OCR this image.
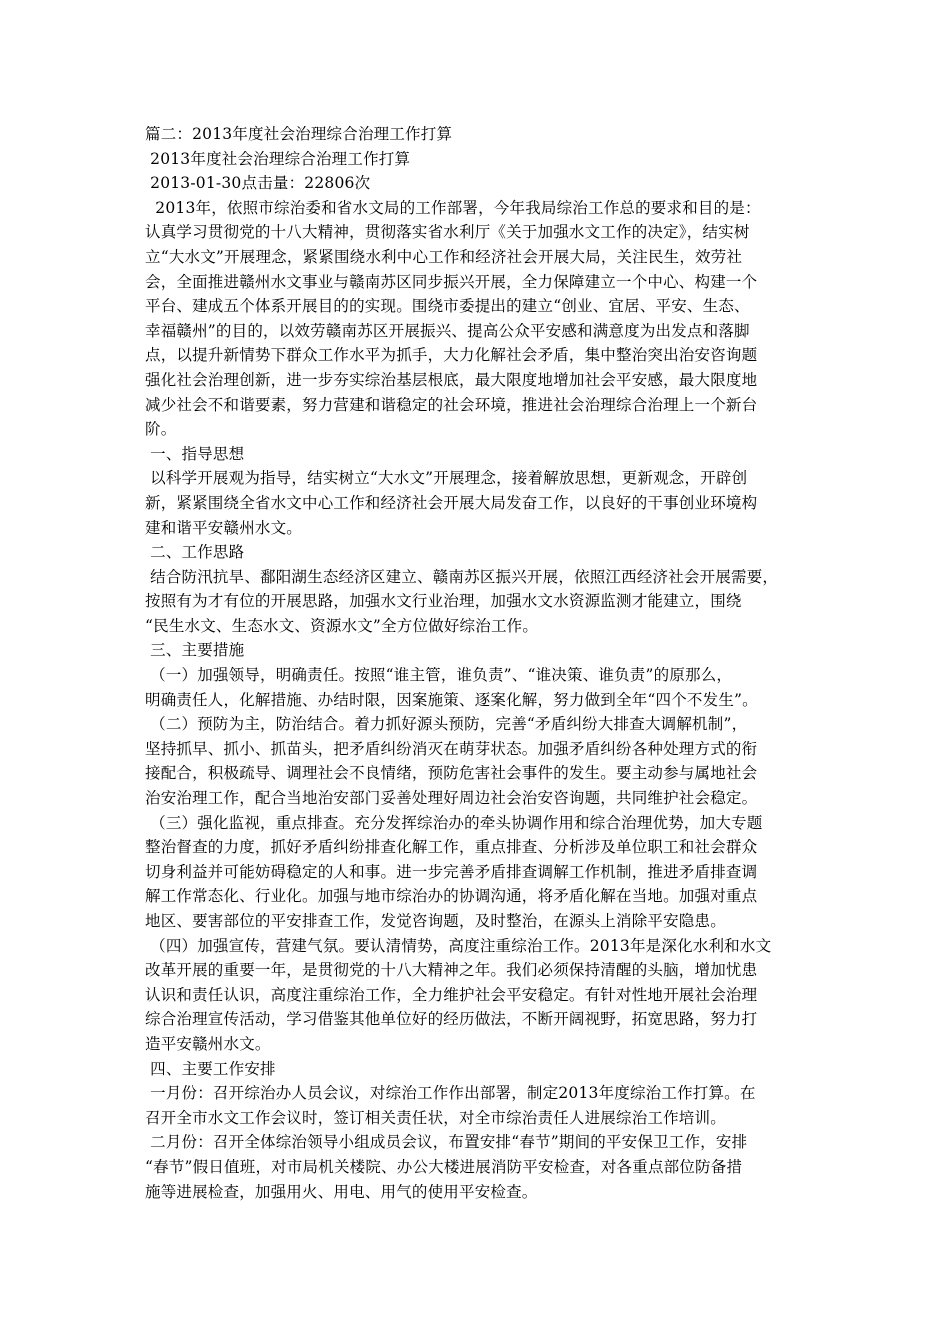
篇二：2013年度社会治理综合治理工作打算
2013年度社会治理综合治理工作打算
2013-01-30点击量：22806次
2013年，依照市综治委和省水文局的工作部署，今年我局综治工作总的要求和目的是：
认真学习贯彻党的十八大精神，贯彻落实省水利厅《关于加强水文工作的决定》，结实树
立“大水文”开展理念，紧紧围绕水利中心工作和经济社会开展大局，关注民生，效劳社
会，全面推进赣州水文事业与赣南苏区同步振兴开展，全力保障建立一个中心、构建一个
平台、建成五个体系开展目的的实现。围绕市委提出的建立“创业、宜居、平安、生态、
幸福赣州”的目的，以效劳赣南苏区开展振兴、提高公众平安感和满意度为出发点和落脚
点，以提升新情势下群众工作水平为抓手，大力化解社会矛盾，集中整治突出治安咨询题
强化社会治理创新，进一步夯实综治基层根底，最大限度地增加社会平安感，最大限度地
减少社会不和谐要素，努力营建和谐稳定的社会环境，推进社会治理综合治理上一个新台
阶。
一、指导思想
以科学开展观为指导，结实树立“大水文”开展理念，接着解放思想，更新观念，开辟创
新，紧紧围绕全省水文中心工作和经济社会开展大局发奋工作，以良好的干事创业环境构
建和谐平安赣州水文。
二、工作思路
结合防汛抗旱、鄱阳湖生态经济区建立、赣南苏区振兴开展，依照江西经济社会开展需要，
按照有为才有位的开展思路，加强水文行业治理，加强水文水资源监测才能建立，围绕
“民生水文、生态水文、资源水文”全方位做好综治工作。
三、主要措施
（一）加强领导，明确责任。按照“谁主管，谁负责”、“谁决策、谁负责”的原那么，
明确责任人，化解措施、办结时限，因案施策、逐案化解，努力做到全年“四个不发生”。
（二）预防为主，防治结合。着力抓好源头预防，完善“矛盾纠纷大排查大调解机制”，
坚持抓早、抓小、抓苗头，把矛盾纠纷消灭在萌芽状态。加强矛盾纠纷各种处理方式的衔
接配合，积极疏导、调理社会不良情绪，预防危害社会事件的发生。要主动参与属地社会
治安治理工作，配合当地治安部门妥善处理好周边社会治安咨询题，共同维护社会稳定。
（三）强化监视，重点排查。充分发挥综治办的牵头协调作用和综合治理优势，加大专题
整治督查的力度，抓好矛盾纠纷排查化解工作，重点排查、分析涉及单位职工和社会群众
切身利益并可能妨碍稳定的人和事。进一步完善矛盾排查调解工作机制，推进矛盾排查调
解工作常态化、行业化。加强与地市综治办的协调沟通，将矛盾化解在当地。加强对重点
地区、要害部位的平安排查工作，发觉咨询题，及时整治，在源头上消除平安隐患。
（四）加强宣传，营建气氛。要认清情势，高度注重综治工作。2013年是深化水利和水文
改革开展的重要一年，是贯彻党的十八大精神之年。我们必须保持清醒的头脑，增加忧患
认识和责任认识，高度注重综治工作，全力维护社会平安稳定。有针对性地开展社会治理
综合治理宣传活动，学习借鉴其他单位好的经历做法，不断开阔视野，拓宽思路，努力打
造平安赣州水文。
四、主要工作安排
一月份：召开综治办人员会议，对综治工作作出部署，制定2013年度综治工作打算。在
召开全市水文工作会议时，签订相关责任状，对全市综治责任人进展综治工作培训。
二月份：召开全体综治领导小组成员会议，布置安排“春节”期间的平安保卫工作，安排
“春节”假日值班，对市局机关楼院、办公大楼进展消防平安检查，对各重点部位防备措
施等进展检查，加强用火、用电、用气的使用平安检查。
